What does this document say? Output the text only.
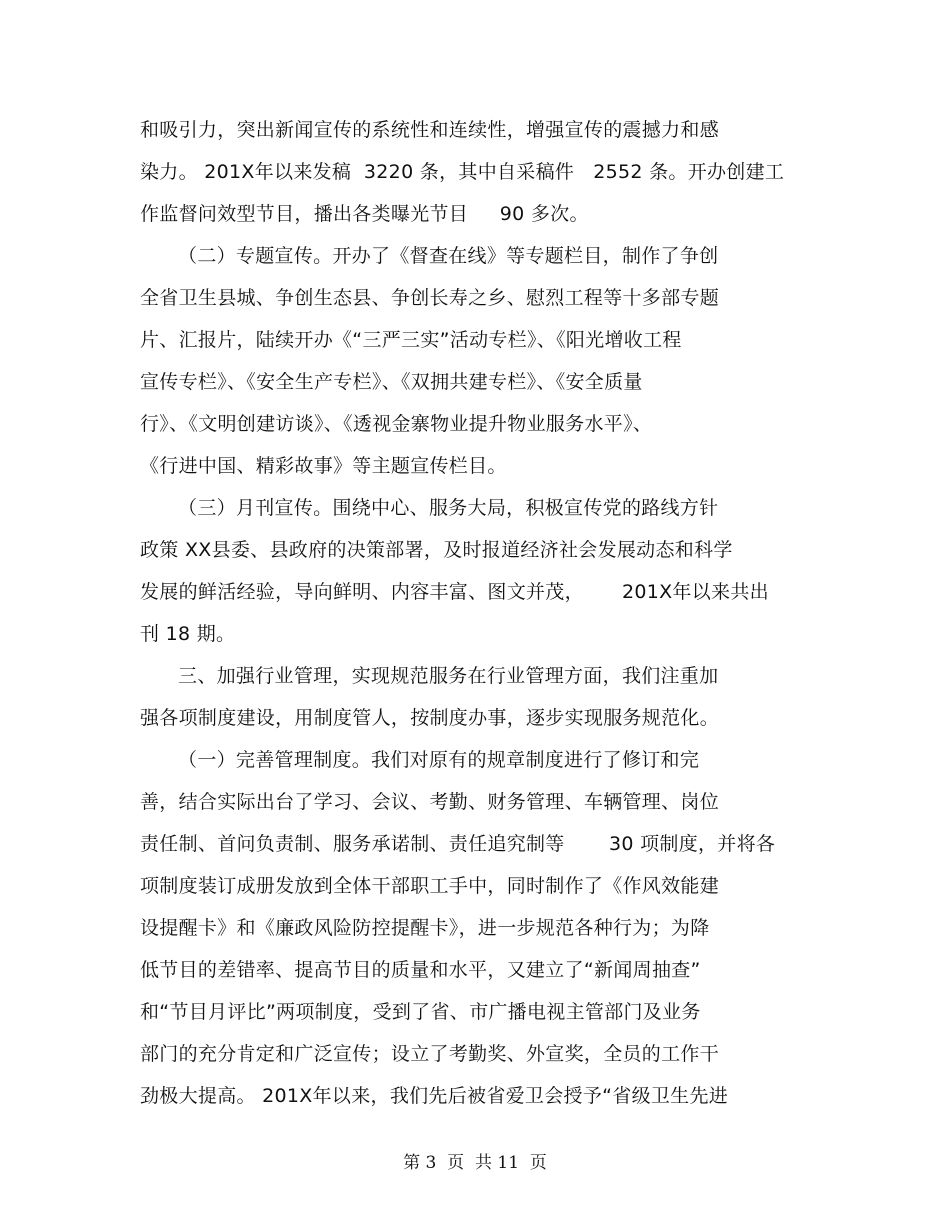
和吸引力，突出新闻宣传的系统性和连续性，增强宣传的震撼力和感
染力。 201X年以来发稿  3220 条，其中自采稿件   2552 条。开办创建工
作监督问效型节目，播出各类曝光节目     90 多次。
（二）专题宣传。开办了《督查在线》等专题栏目，制作了争创
全省卫生县城、争创生态县、争创长寿之乡、慰烈工程等十多部专题
片、汇报片，陆续开办《“三严三实”活动专栏》、《阳光增收工程
宣传专栏》、《安全生产专栏》、《双拥共建专栏》、《安全质量
行》、《文明创建访谈》、《透视金寨物业提升物业服务水平》、
《行进中国、精彩故事》等主题宣传栏目。
（三）月刊宣传。围绕中心、服务大局，积极宣传党的路线方针
政策 XX县委、县政府的决策部署，及时报道经济社会发展动态和科学
发展的鲜活经验，导向鲜明、内容丰富、图文并茂，      201X年以来共出
刊 18 期。
三、加强行业管理，实现规范服务在行业管理方面，我们注重加
强各项制度建设，用制度管人，按制度办事，逐步实现服务规范化。
（一）完善管理制度。我们对原有的规章制度进行了修订和完
善，结合实际出台了学习、会议、考勤、财务管理、车辆管理、岗位
责任制、首问负责制、服务承诺制、责任追究制等       30 项制度，并将各
项制度装订成册发放到全体干部职工手中，同时制作了《作风效能建
设提醒卡》和《廉政风险防控提醒卡》，进一步规范各种行为；为降
低节目的差错率、提高节目的质量和水平，又建立了“新闻周抽查”
和“节目月评比”两项制度，受到了省、市广播电视主管部门及业务
部门的充分肯定和广泛宣传；设立了考勤奖、外宣奖，全员的工作干
劲极大提高。 201X年以来，我们先后被省爱卫会授予“省级卫生先进
第 3  页  共 11  页
